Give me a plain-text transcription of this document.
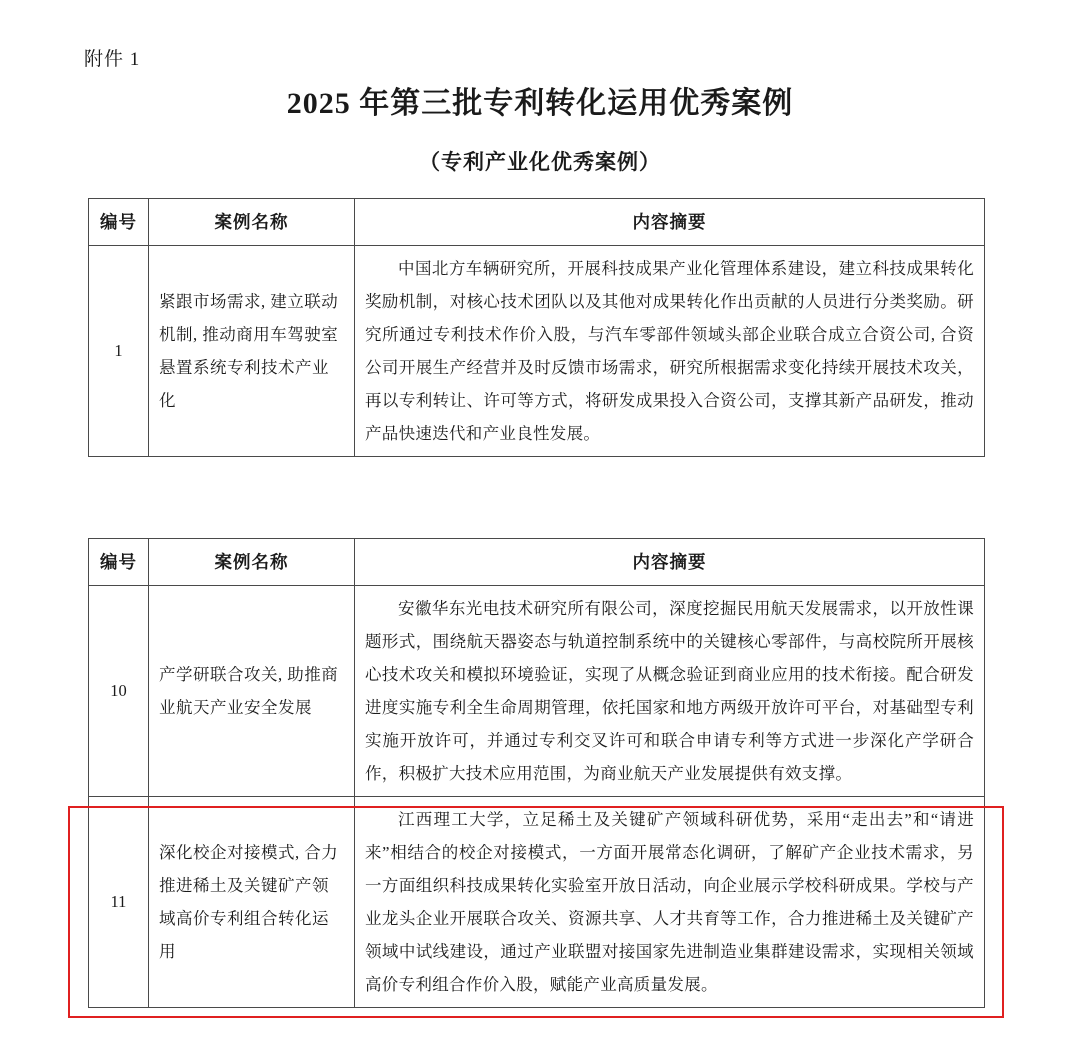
附件 1
2025 年第三批专利转化运用优秀案例
（专利产业化优秀案例）
编号	案例名称	内容摘要
1	紧跟市场需求, 建立联动机制, 推动商用车驾驶室悬置系统专利技术产业化	中国北方车辆研究所，开展科技成果产业化管理体系建设，建立科技成果转化奖励机制，对核心技术团队以及其他对成果转化作出贡献的人员进行分类奖励。研究所通过专利技术作价入股，与汽车零部件领域头部企业联合成立合资公司, 合资公司开展生产经营并及时反馈市场需求，研究所根据需求变化持续开展技术攻关，再以专利转让、许可等方式，将研发成果投入合资公司，支撑其新产品研发，推动产品快速迭代和产业良性发展。

编号	案例名称	内容摘要
10	产学研联合攻关, 助推商业航天产业安全发展	安徽华东光电技术研究所有限公司，深度挖掘民用航天发展需求，以开放性课题形式，围绕航天器姿态与轨道控制系统中的关键核心零部件，与高校院所开展核心技术攻关和模拟环境验证，实现了从概念验证到商业应用的技术衔接。配合研发进度实施专利全生命周期管理，依托国家和地方两级开放许可平台，对基础型专利实施开放许可，并通过专利交叉许可和联合申请专利等方式进一步深化产学研合作，积极扩大技术应用范围，为商业航天产业发展提供有效支撑。

11	深化校企对接模式, 合力推进稀土及关键矿产领域高价专利组合转化运用	江西理工大学，立足稀土及关键矿产领域科研优势，采用“走出去”和“请进来”相结合的校企对接模式，一方面开展常态化调研，了解矿产企业技术需求，另一方面组织科技成果转化实验室开放日活动，向企业展示学校科研成果。学校与产业龙头企业开展联合攻关、资源共享、人才共育等工作，合力推进稀土及关键矿产领域中试线建设，通过产业联盟对接国家先进制造业集群建设需求，实现相关领域高价专利组合作价入股，赋能产业高质量发展。
